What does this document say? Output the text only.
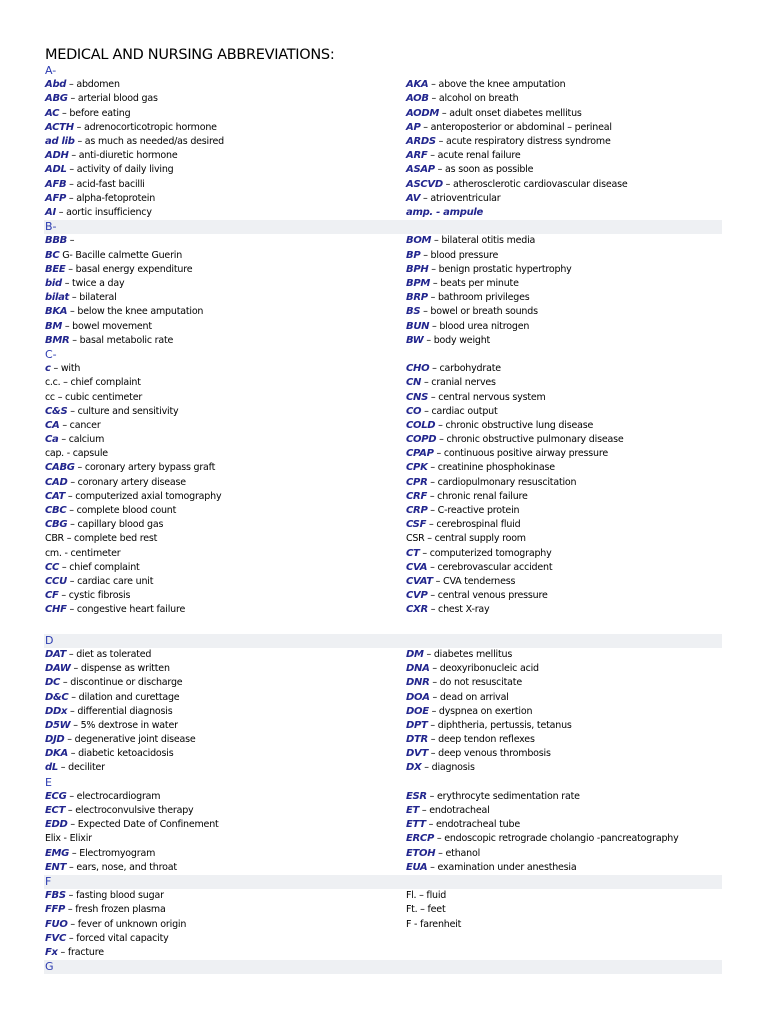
MEDICAL AND NURSING ABBREVIATIONS:
A-
Abd – abdomen
ABG – arterial blood gas
AC – before eating
ACTH – adrenocorticotropic hormone
ad lib – as much as needed/as desired
ADH – anti-diuretic hormone
ADL – activity of daily living
AFB – acid-fast bacilli
AFP – alpha-fetoprotein
AI – aortic insufficiency
AKA – above the knee amputation
AOB – alcohol on breath
AODM – adult onset diabetes mellitus
AP – anteroposterior or abdominal – perineal
ARDS – acute respiratory distress syndrome
ARF – acute renal failure
ASAP – as soon as possible
ASCVD – atherosclerotic cardiovascular disease
AV – atrioventricular
amp. - ampule
B-
BBB –
BC G- Bacille calmette Guerin
BEE – basal energy expenditure
bid – twice a day
bilat – bilateral
BKA – below the knee amputation
BM – bowel movement
BMR – basal metabolic rate
BOM – bilateral otitis media
BP – blood pressure
BPH – benign prostatic hypertrophy
BPM – beats per minute
BRP – bathroom privileges
BS – bowel or breath sounds
BUN – blood urea nitrogen
BW – body weight
C-
c – with
c.c. – chief complaint
cc – cubic centimeter
C&S – culture and sensitivity
CA – cancer
Ca – calcium
cap. - capsule
CABG – coronary artery bypass graft
CAD – coronary artery disease
CAT – computerized axial tomography
CBC – complete blood count
CBG – capillary blood gas
CBR – complete bed rest
cm. - centimeter
CC – chief complaint
CCU – cardiac care unit
CF – cystic fibrosis
CHF – congestive heart failure
CHO – carbohydrate
CN – cranial nerves
CNS – central nervous system
CO – cardiac output
COLD – chronic obstructive lung disease
COPD – chronic obstructive pulmonary disease
CPAP – continuous positive airway pressure
CPK – creatinine phosphokinase
CPR – cardiopulmonary resuscitation
CRF – chronic renal failure
CRP – C-reactive protein
CSF – cerebrospinal fluid
CSR – central supply room
CT – computerized tomography
CVA – cerebrovascular accident
CVAT – CVA tenderness
CVP – central venous pressure
CXR – chest X-ray
D
DAT – diet as tolerated
DAW – dispense as written
DC – discontinue or discharge
D&C – dilation and curettage
DDx – differential diagnosis
D5W – 5% dextrose in water
DJD – degenerative joint disease
DKA – diabetic ketoacidosis
dL – deciliter
DM – diabetes mellitus
DNA – deoxyribonucleic acid
DNR – do not resuscitate
DOA – dead on arrival
DOE – dyspnea on exertion
DPT – diphtheria, pertussis, tetanus
DTR – deep tendon reflexes
DVT – deep venous thrombosis
DX – diagnosis
E
ECG – electrocardiogram
ECT – electroconvulsive therapy
EDD – Expected Date of Confinement
Elix - Elixir
EMG – Electromyogram
ENT – ears, nose, and throat
ESR – erythrocyte sedimentation rate
ET – endotracheal
ETT – endotracheal tube
ERCP – endoscopic retrograde cholangio -pancreatography
ETOH – ethanol
EUA – examination under anesthesia
F
FBS – fasting blood sugar
FFP – fresh frozen plasma
FUO – fever of unknown origin
FVC – forced vital capacity
Fx – fracture
Fl. – fluid
Ft. – feet
F - farenheit
G
